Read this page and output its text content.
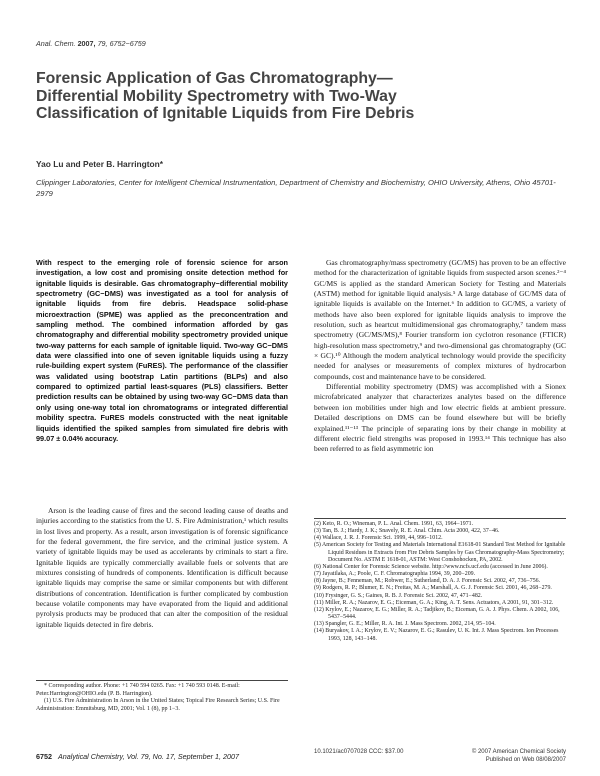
Anal. Chem. 2007, 79, 6752−6759
Forensic Application of Gas Chromatography—Differential Mobility Spectrometry with Two-Way Classification of Ignitable Liquids from Fire Debris
Yao Lu and Peter B. Harrington*
Clippinger Laboratories, Center for Intelligent Chemical Instrumentation, Department of Chemistry and Biochemistry, OHIO University, Athens, Ohio 45701-2979
With respect to the emerging role of forensic science for arson investigation, a low cost and promising onsite detection method for ignitable liquids is desirable. Gas chromatography−differential mobility spectrometry (GC−DMS) was investigated as a tool for analysis of ignitable liquids from fire debris. Headspace solid-phase microextraction (SPME) was applied as the preconcentration and sampling method. The combined information afforded by gas chromatography and differential mobility spectrometry provided unique two-way patterns for each sample of ignitable liquid. Two-way GC−DMS data were classified into one of seven ignitable liquids using a fuzzy rule-building expert system (FuRES). The performance of the classifier was validated using bootstrap Latin partitions (BLPs) and also compared to optimized partial least-squares (PLS) classifiers. Better prediction results can be obtained by using two-way GC−DMS data than only using one-way total ion chromatograms or integrated differential mobility spectra. FuRES models constructed with the neat ignitable liquids identified the spiked samples from simulated fire debris with 99.07 ± 0.04% accuracy.

Arson is the leading cause of fires and the second leading cause of deaths and injuries according to the statistics from the U. S. Fire Administration,¹ which results in lost lives and property. As a result, arson investigation is of forensic significance for the federal government, the fire service, and the criminal justice system. A variety of ignitable liquids may be used as accelerants by criminals to start a fire. Ignitable liquids are typically commercially available fuels or solvents that are mixtures consisting of hundreds of components. Identification is difficult because ignitable liquids may comprise the same or similar components but with different distributions of concentration. Identification is further complicated by combustion because volatile components may have evaporated from the liquid and additional pyrolysis products may be produced that can alter the composition of the residual ignitable liquids detected in fire debris.

* Corresponding author. Phone: +1 740 594 0265. Fax: +1 740 593 0148. E-mail: Peter.Harrington@OHIO.edu (P. B. Harrington).
(1) U.S. Fire Administration In Arson in the United States; Topical Fire Research Series; U.S. Fire Administration: Emmitsburg, MD, 2001; Vol. 1 (8), pp 1−3.

Gas chromatography/mass spectrometry (GC/MS) has proven to be an effective method for the characterization of ignitable liquids from suspected arson scenes.²⁻⁴ GC/MS is applied as the standard American Society for Testing and Materials (ASTM) method for ignitable liquid analysis.⁵ A large database of GC/MS data of ignitable liquids is available on the Internet.⁶ In addition to GC/MS, a variety of methods have also been explored for ignitable liquids analysis to improve the resolution, such as heartcut multidimensional gas chromatography,⁷ tandem mass spectrometry (GC/MS/MS),⁸ Fourier transform ion cyclotron resonance (FTICR) high-resolution mass spectrometry,⁹ and two-dimensional gas chromatography (GC × GC).¹⁰ Although the modern analytical technology would provide the specificity needed for analyses or measurements of complex mixtures of hydrocarbon compounds, cost and maintenance have to be considered.

Differential mobility spectrometry (DMS) was accomplished with a Sionex microfabricated analyzer that characterizes analytes based on the difference between ion mobilities under high and low electric fields at ambient pressure. Detailed descriptions on DMS can be found elsewhere but will be briefly explained.¹¹⁻¹³ The principle of separating ions by their change in mobility at different electric field strengths was proposed in 1993.¹⁴ This technique has also been referred to as field asymmetric ion

(2) Keto, R. O.; Wineman, P. L. Anal. Chem. 1991, 63, 1964−1971.
(3) Tan, B. J.; Hardy, J. K.; Snavely, R. E. Anal. Chim. Acta 2000, 422, 37−46.
(4) Wallace, J. R. J. Forensic Sci. 1999, 44, 996−1012.
(5) American Society for Testing and Materials International E1618-01 Standard Test Method for Ignitable Liquid Residues in Extracts from Fire Debris Samples by Gas Chromatography-Mass Spectrometry; Document No. ASTM E 1618-01, ASTM: West Conshohocken, PA, 2002.
(6) National Center for Forensic Science website. http://www.ncfs.ucf.edu (accessed in June 2006).
(7) Jayatilaka, A.; Poole, C. F. Chromatographia 1994, 39, 200−209.
(8) Jayne, B.; Fenneman, M.; Robwer, E.; Sutherland, D. A. J. Forensic Sci. 2002, 47, 736−756.
(9) Rodgers, R. P.; Blumer, E. N.; Freitas, M. A.; Marshall, A. G. J. Forensic Sci. 2001, 46, 268−279.
(10) Frysinger, G. S.; Gaines, R. B. J. Forensic Sci. 2002, 47, 471−482.
(11) Miller, R. A.; Nazarov, E. G.; Eiceman, G. A.; King, A. T. Sens. Actuators, A 2001, 91, 301−312.
(12) Krylov, E.; Nazarov, E. G.; Miller, R. A.; Tadjikov, B.; Eiceman, G. A. J. Phys. Chem. A 2002, 106, 5437−5444.
(13) Spangler, G. E.; Miller, R. A. Int. J. Mass Spectrom. 2002, 214, 95−104.
(14) Buryakov, I. A.; Krylov, E. V.; Nazarov, E. G.; Rasulev, U. K. Int. J. Mass Spectrom. Ion Processes 1993, 128, 143−148.
6752 Analytical Chemistry, Vol. 79, No. 17, September 1, 2007	10.1021/ac0707028 CCC: $37.00	© 2007 American Chemical Society
Published on Web 08/08/2007
